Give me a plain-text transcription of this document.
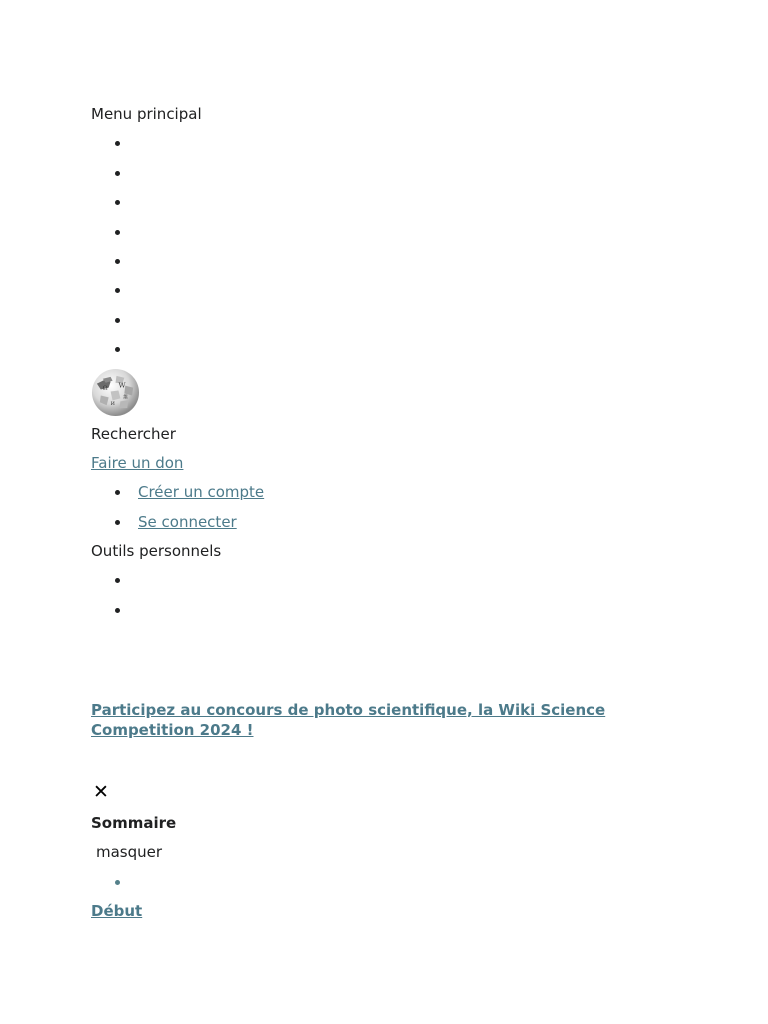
Menu principal
Ω W
維
И
Rechercher
Faire un don
Créer un compte
Se connecter
Outils personnels
Participez au concours de photo scientifique, la Wiki Science Competition 2024 !
✕
Sommaire
masquer
Début
